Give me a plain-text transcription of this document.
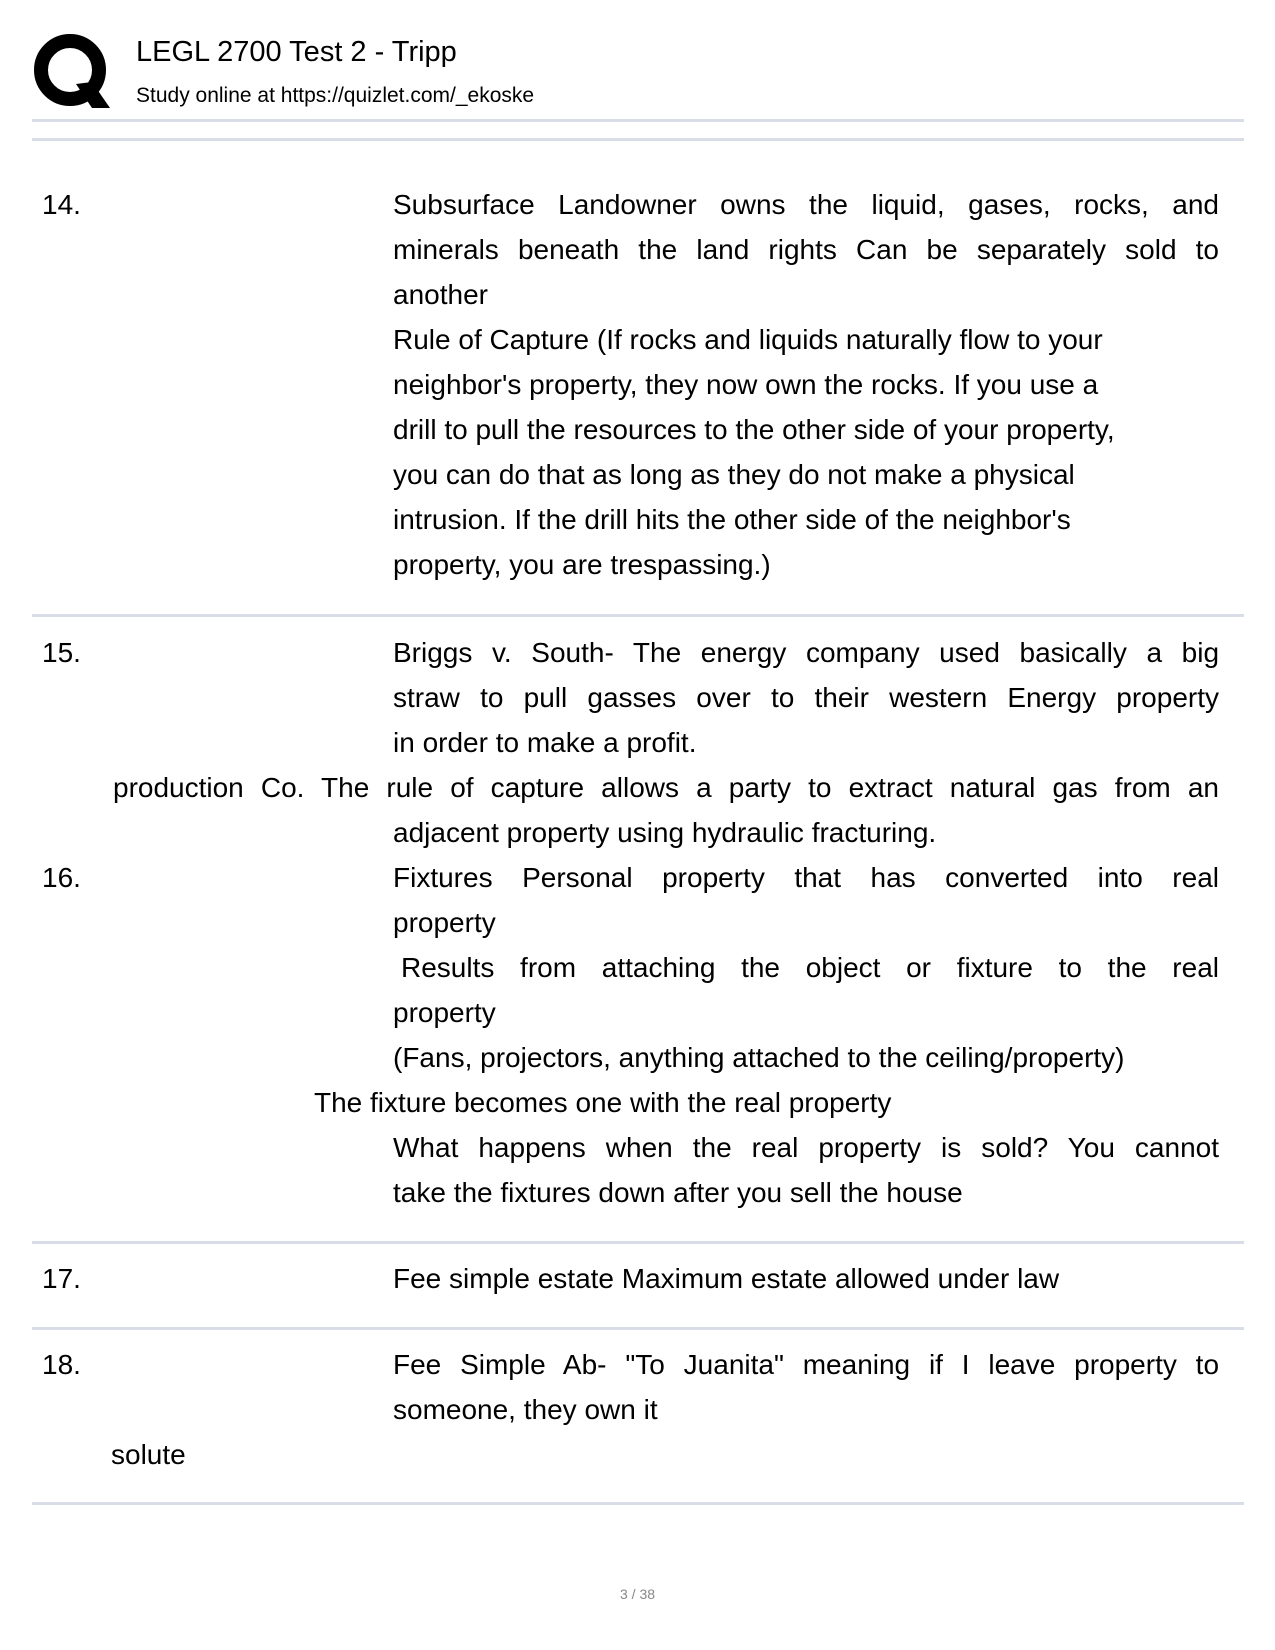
LEGL 2700 Test 2 - Tripp
Study online at https://quizlet.com/_ekoske
14.	Subsurface Landowner owns the liquid, gases, rocks, and
minerals beneath the land rights Can be separately sold to
another
Rule of Capture (If rocks and liquids naturally flow to your
neighbor's property, they now own the rocks. If you use a
drill to pull the resources to the other side of your property,
you can do that as long as they do not make a physical
intrusion. If the drill hits the other side of the neighbor's
property, you are trespassing.)
15.	Briggs v. South- The energy company used basically a big
straw to pull gasses over to their western Energy property
in order to make a profit.
production Co. The rule of capture allows a party to extract natural gas from an
adjacent property using hydraulic fracturing.
16.	Fixtures Personal property that has converted into real
property
Results from attaching the object or fixture to the real
property
(Fans, projectors, anything attached to the ceiling/property)
The fixture becomes one with the real property
What happens when the real property is sold? You cannot
take the fixtures down after you sell the house
17.	Fee simple estate Maximum estate allowed under law
18.	Fee Simple Ab- "To Juanita" meaning if I leave property to
someone, they own it
solute
3 / 38
